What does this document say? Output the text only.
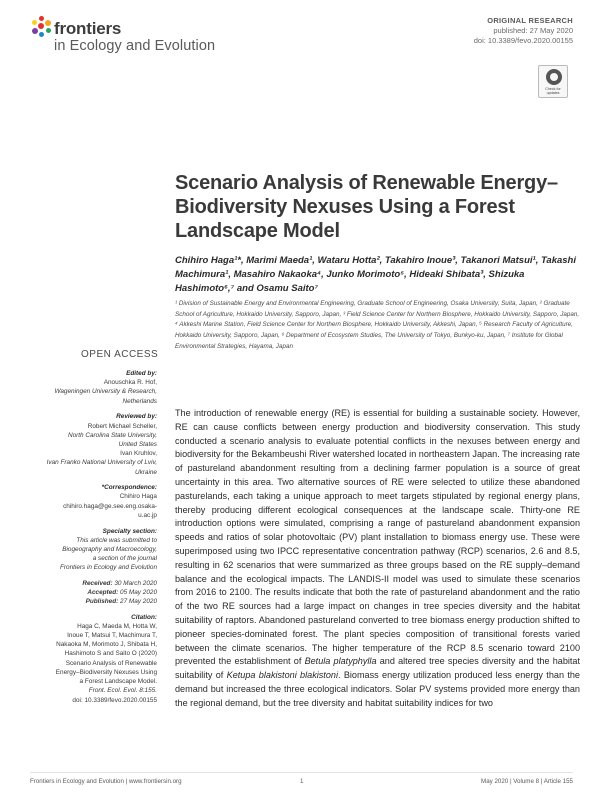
frontiers
in Ecology and Evolution
ORIGINAL RESEARCH
published: 27 May 2020
doi: 10.3389/fevo.2020.00155
Check for
updates
Scenario Analysis of Renewable Energy–Biodiversity Nexuses Using a Forest Landscape Model
Chihiro Haga¹*, Marimi Maeda¹, Wataru Hotta², Takahiro Inoue³, Takanori Matsui¹, Takashi Machimura¹, Masahiro Nakaoka⁴, Junko Morimoto⁵, Hideaki Shibata³, Shizuka Hashimoto⁶,⁷ and Osamu Saito⁷
¹ Division of Sustainable Energy and Environmental Engineering, Graduate School of Engineering, Osaka University, Suita, Japan, ² Graduate School of Agriculture, Hokkaido University, Sapporo, Japan, ³ Field Science Center for Northern Biosphere, Hokkaido University, Sapporo, Japan, ⁴ Akkeshi Marine Station, Field Science Center for Northern Biosphere, Hokkaido University, Akkeshi, Japan, ⁵ Research Faculty of Agriculture, Hokkaido University, Sapporo, Japan, ⁶ Department of Ecosystem Studies, The University of Tokyo, Bunkyo-ku, Japan, ⁷ Institute for Global Environmental Strategies, Hayama, Japan
OPEN ACCESS
Edited by:
Anouschka R. Hof,
Wageningen University & Research,
Netherlands
Reviewed by:
Robert Michael Scheller,
North Carolina State University,
United States
Ivan Kruhlov,
Ivan Franko National University of Lviv,
Ukraine
*Correspondence:
Chihiro Haga
chihiro.haga@ge.see.eng.osaka-
u.ac.jp
Specialty section:
This article was submitted to
Biogeography and Macroecology,
a section of the journal
Frontiers in Ecology and Evolution
Received: 30 March 2020
Accepted: 05 May 2020
Published: 27 May 2020
Citation:
Haga C, Maeda M, Hotta W,
Inoue T, Matsui T, Machimura T,
Nakaoka M, Morimoto J, Shibata H,
Hashimoto S and Saito O (2020)
Scenario Analysis of Renewable
Energy–Biodiversity Nexuses Using
a Forest Landscape Model.
Front. Ecol. Evol. 8:155.
doi: 10.3389/fevo.2020.00155
The introduction of renewable energy (RE) is essential for building a sustainable society. However, RE can cause conflicts between energy production and biodiversity conservation. This study conducted a scenario analysis to evaluate potential conflicts in the nexuses between energy and biodiversity for the Bekambeushi River watershed located in northeastern Japan. The increasing rate of pastureland abandonment resulting from a declining farmer population is a source of great uncertainty in this area. Two alternative sources of RE were selected to utilize these abandoned pasturelands, each taking a unique approach to meet targets stipulated by regional energy plans, thereby producing different ecological consequences at the landscape scale. Thirty-one RE introduction options were simulated, comprising a range of pastureland abandonment expansion speeds and ratios of solar photovoltaic (PV) plant installation to biomass energy use. These were superimposed using two IPCC representative concentration pathway (RCP) scenarios, 2.6 and 8.5, resulting in 62 scenarios that were summarized as three groups based on the RE supply–demand balance and the ecological impacts. The LANDIS-II model was used to simulate these scenarios from 2016 to 2100. The results indicate that both the rate of pastureland abandonment and the ratio of the two RE sources had a large impact on changes in tree species diversity and the habitat suitability of raptors. Abandoned pastureland converted to tree biomass energy production shifted to pioneer species-dominated forest. The plant species composition of transitional forests varied between the climate scenarios. The higher temperature of the RCP 8.5 scenario toward 2100 prevented the establishment of Betula platyphylla and altered tree species diversity and the habitat suitability of Ketupa blakistoni blakistoni. Biomass energy utilization produced less energy than the demand but increased the three ecological indicators. Solar PV systems provided more energy than the regional demand, but the tree diversity and habitat suitability indices for two
Frontiers in Ecology and Evolution | www.frontiersin.org	1	May 2020 | Volume 8 | Article 155
